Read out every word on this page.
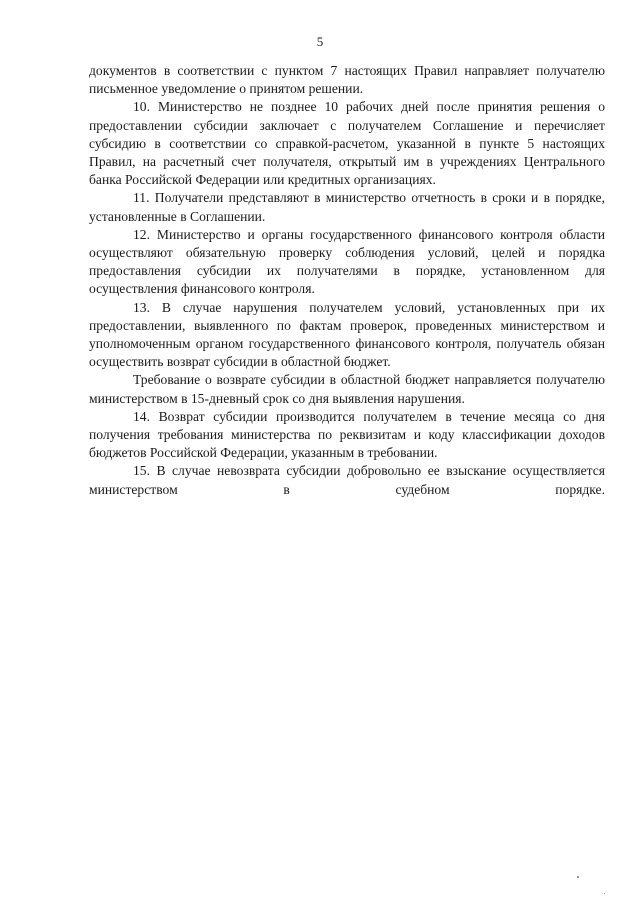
5

документов в соответствии с пунктом 7 настоящих Правил направляет получателю письменное уведомление о принятом решении.

10. Министерство не позднее 10 рабочих дней после принятия решения о предоставлении субсидии заключает с получателем Соглашение и перечисляет субсидию в соответствии со справкой-расчетом, указанной в пункте 5 настоящих Правил, на расчетный счет получателя, открытый им в учреждениях Центрального банка Российской Федерации или кредитных организациях.

11. Получатели представляют в министерство отчетность в сроки и в порядке, установленные в Соглашении.

12. Министерство и органы государственного финансового контроля области осуществляют обязательную проверку соблюдения условий, целей и порядка предоставления субсидии их получателями в порядке, установленном для осуществления финансового контроля.

13. В случае нарушения получателем условий, установленных при их предоставлении, выявленного по фактам проверок, проведенных министерством и уполномоченным органом государственного финансового контроля, получатель обязан осуществить возврат субсидии в областной бюджет.

Требование о возврате субсидии в областной бюджет направляется получателю министерством в 15-дневный срок со дня выявления нарушения.

14. Возврат субсидии производится получателем в течение месяца со дня получения требования министерства по реквизитам и коду классификации доходов бюджетов Российской Федерации, указанным в требовании.

15. В случае невозврата субсидии добровольно ее взыскание осуществляется министерством в судебном порядке.
